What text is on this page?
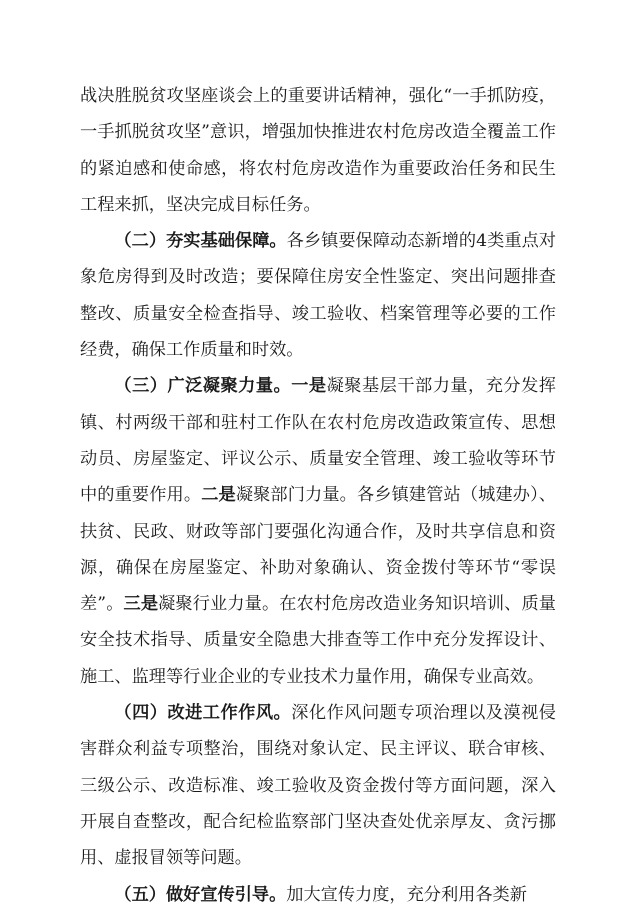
战决胜脱贫攻坚座谈会上的重要讲话精神，强化“一手抓防疫，一手抓脱贫攻坚”意识，增强加快推进农村危房改造全覆盖工作的紧迫感和使命感，将农村危房改造作为重要政治任务和民生工程来抓，坚决完成目标任务。

（二）夯实基础保障。各乡镇要保障动态新增的4类重点对象危房得到及时改造；要保障住房安全性鉴定、突出问题排查整改、质量安全检查指导、竣工验收、档案管理等必要的工作经费，确保工作质量和时效。

（三）广泛凝聚力量。一是凝聚基层干部力量，充分发挥镇、村两级干部和驻村工作队在农村危房改造政策宣传、思想动员、房屋鉴定、评议公示、质量安全管理、竣工验收等环节中的重要作用。二是凝聚部门力量。各乡镇建管站（城建办）、扶贫、民政、财政等部门要强化沟通合作，及时共享信息和资源，确保在房屋鉴定、补助对象确认、资金拨付等环节“零误差”。三是凝聚行业力量。在农村危房改造业务知识培训、质量安全技术指导、质量安全隐患大排查等工作中充分发挥设计、施工、监理等行业企业的专业技术力量作用，确保专业高效。

（四）改进工作作风。深化作风问题专项治理以及漠视侵害群众利益专项整治，围绕对象认定、民主评议、联合审核、三级公示、改造标准、竣工验收及资金拨付等方面问题，深入开展自查整改，配合纪检监察部门坚决查处优亲厚友、贪污挪用、虚报冒领等问题。

（五）做好宣传引导。加大宣传力度，充分利用各类新
